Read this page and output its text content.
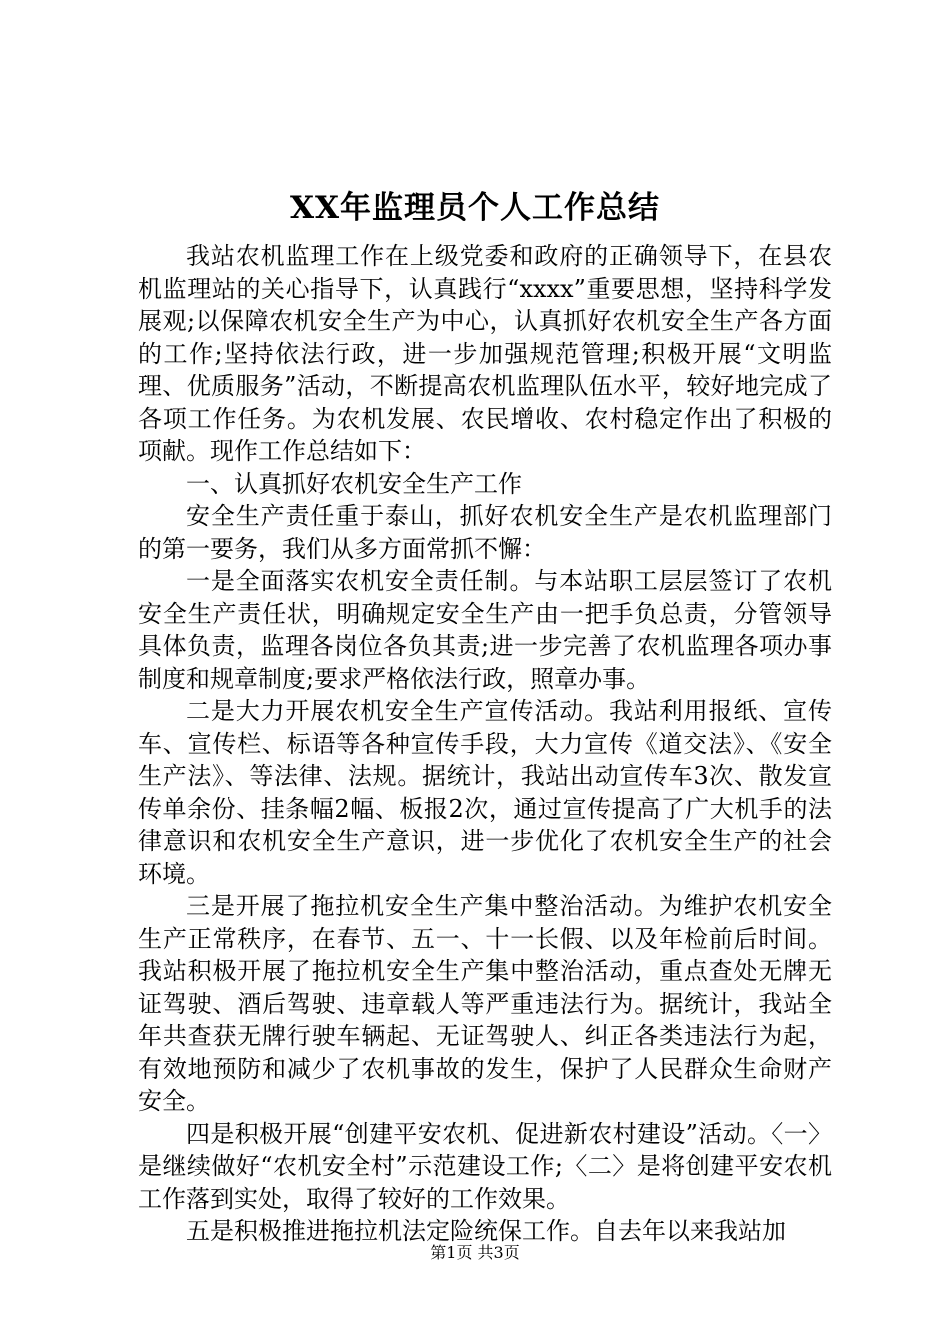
XX年监理员个人工作总结

我站农机监理工作在上级党委和政府的正确领导下，在县农机监理站的关心指导下，认真践行“xxxx”重要思想，坚持科学发展观;以保障农机安全生产为中心，认真抓好农机安全生产各方面的工作;坚持依法行政，进一步加强规范管理;积极开展“文明监理、优质服务”活动，不断提高农机监理队伍水平，较好地完成了各项工作任务。为农机发展、农民增收、农村稳定作出了积极的项献。现作工作总结如下：

一、认真抓好农机安全生产工作

安全生产责任重于泰山，抓好农机安全生产是农机监理部门的第一要务，我们从多方面常抓不懈：

一是全面落实农机安全责任制。与本站职工层层签订了农机安全生产责任状，明确规定安全生产由一把手负总责，分管领导具体负责，监理各岗位各负其责;进一步完善了农机监理各项办事制度和规章制度;要求严格依法行政，照章办事。

二是大力开展农机安全生产宣传活动。我站利用报纸、宣传车、宣传栏、标语等各种宣传手段，大力宣传《道交法》、《安全生产法》、等法律、法规。据统计，我站出动宣传车3次、散发宣传单余份、挂条幅2幅、板报2次，通过宣传提高了广大机手的法律意识和农机安全生产意识，进一步优化了农机安全生产的社会环境。

三是开展了拖拉机安全生产集中整治活动。为维护农机安全生产正常秩序，在春节、五一、十一长假、以及年检前后时间。我站积极开展了拖拉机安全生产集中整治活动，重点查处无牌无证驾驶、酒后驾驶、违章载人等严重违法行为。据统计，我站全年共查获无牌行驶车辆起、无证驾驶人、纠正各类违法行为起，有效地预防和减少了农机事故的发生，保护了人民群众生命财产安全。

四是积极开展“创建平安农机、促进新农村建设”活动。〈一〉是继续做好“农机安全村”示范建设工作;〈二〉是将创建平安农机工作落到实处，取得了较好的工作效果。

五是积极推进拖拉机法定险统保工作。自去年以来我站加

第1页 共3页
